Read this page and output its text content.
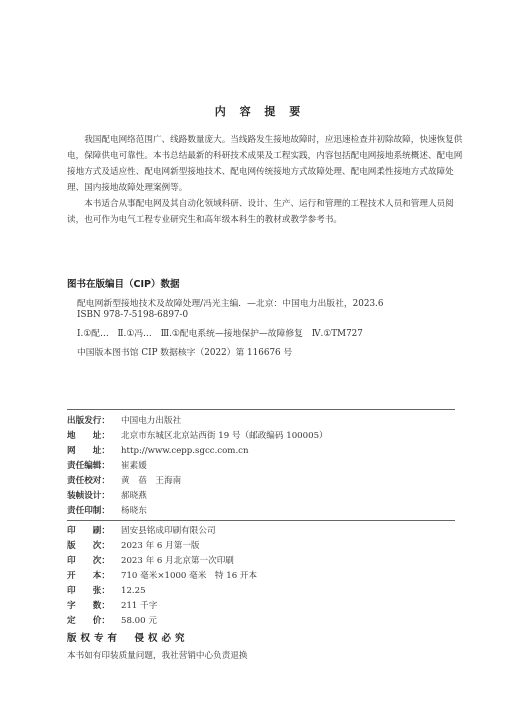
内 容 提 要

我国配电网络范围广、线路数量庞大。当线路发生接地故障时，应迅速检查并初除故障，快速恢复供电，保障供电可靠性。本书总结最新的科研技术成果及工程实践，内容包括配电网接地系统概述、配电网接地方式及适应性、配电网新型接地技术、配电网传统接地方式故障处理、配电网柔性接地方式故障处理、国内接地故障处理案例等。

本书适合从事配电网及其自动化领域科研、设计、生产、运行和管理的工程技术人员和管理人员阅读，也可作为电气工程专业研究生和高年级本科生的教材或教学参考书。

图书在版编目（CIP）数据
配电网新型接地技术及故障处理/冯光主编．—北京：中国电力出版社，2023.6
ISBN 978-7-5198-6897-0
Ⅰ.①配…　Ⅱ.①冯…　Ⅲ.①配电系统—接地保护—故障修复　Ⅳ.①TM727
中国版本图书馆 CIP 数据核字（2022）第 116676 号
出版发行： 中国电力出版社
地　　址： 北京市东城区北京站西街 19 号（邮政编码 100005）
网　　址： http://www.cepp.sgcc.com.cn
责任编辑： 崔素媛
责任校对： 黄　蓓　王海南
装帧设计： 郝晓燕
责任印制： 杨晓东
印　　刷： 固安县铭成印刷有限公司
版　　次： 2023 年 6 月第一版
印　　次： 2023 年 6 月北京第一次印刷
开　　本： 710 毫米×1000 毫米　特 16 开本
印　　张： 12.25
字　　数： 211 千字
定　　价： 58.00 元
版权专有　侵权必究
本书如有印装质量问题，我社营销中心负责退换
